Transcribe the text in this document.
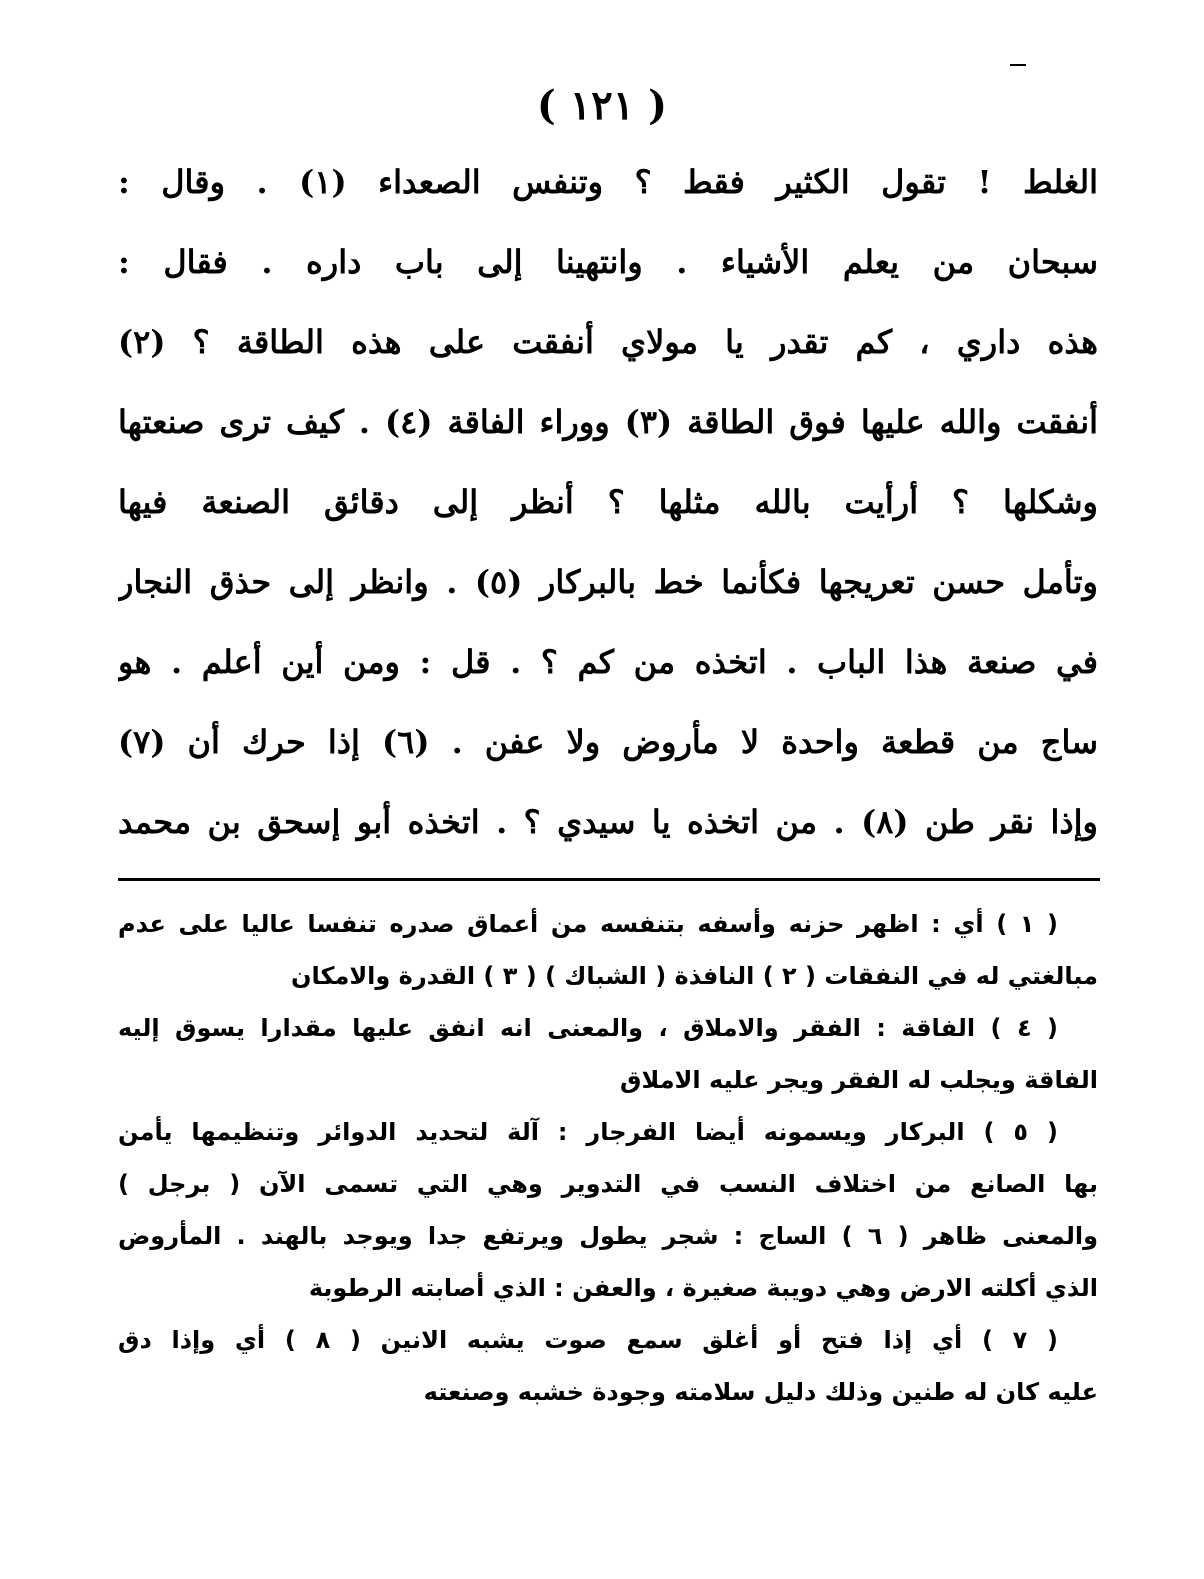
( ١٢١ )
الغلط ! تقول الكثير فقط ؟ وتنفس الصعداء (١) . وقال :
سبحان من يعلم الأشياء . وانتهينا إلى باب داره . فقال :
هذه داري ، كم تقدر يا مولاي أنفقت على هذه الطاقة ؟ (٢)
أنفقت والله عليها فوق الطاقة (٣) ووراء الفاقة (٤) . كيف ترى صنعتها
وشكلها ؟ أرأيت بالله مثلها ؟ أنظر إلى دقائق الصنعة فيها
وتأمل حسن تعريجها فكأنما خط بالبركار (٥) . وانظر إلى حذق النجار
في صنعة هذا الباب . اتخذه من كم ؟ . قل : ومن أين أعلم . هو
ساج من قطعة واحدة لا مأروض ولا عفن . (٦) إذا حرك أن (٧)
وإذا نقر طن (٨) . من اتخذه يا سيدي ؟ . اتخذه أبو إسحق بن محمد
( ١ ) أي : اظهر حزنه وأسفه بتنفسه من أعماق صدره تنفسا عاليا على عدم
مبالغتي له في النفقات ( ٢ ) النافذة ( الشباك ) ( ٣ ) القدرة والامكان
( ٤ ) الفاقة : الفقر والاملاق ، والمعنى انه انفق عليها مقدارا يسوق إليه
الفاقة ويجلب له الفقر ويجر عليه الاملاق
( ٥ ) البركار ويسمونه أيضا الفرجار : آلة لتحديد الدوائر وتنظيمها يأمن
بها الصانع من اختلاف النسب في التدوير وهي التي تسمى الآن ( برجل )
والمعنى ظاهر ( ٦ ) الساج : شجر يطول ويرتفع جدا ويوجد بالهند . المأروض
الذي أكلته الارض وهي دويبة صغيرة ، والعفن : الذي أصابته الرطوبة
( ٧ ) أي إذا فتح أو أغلق سمع صوت يشبه الانين ( ٨ ) أي وإذا دق
عليه كان له طنين وذلك دليل سلامته وجودة خشبه وصنعته
